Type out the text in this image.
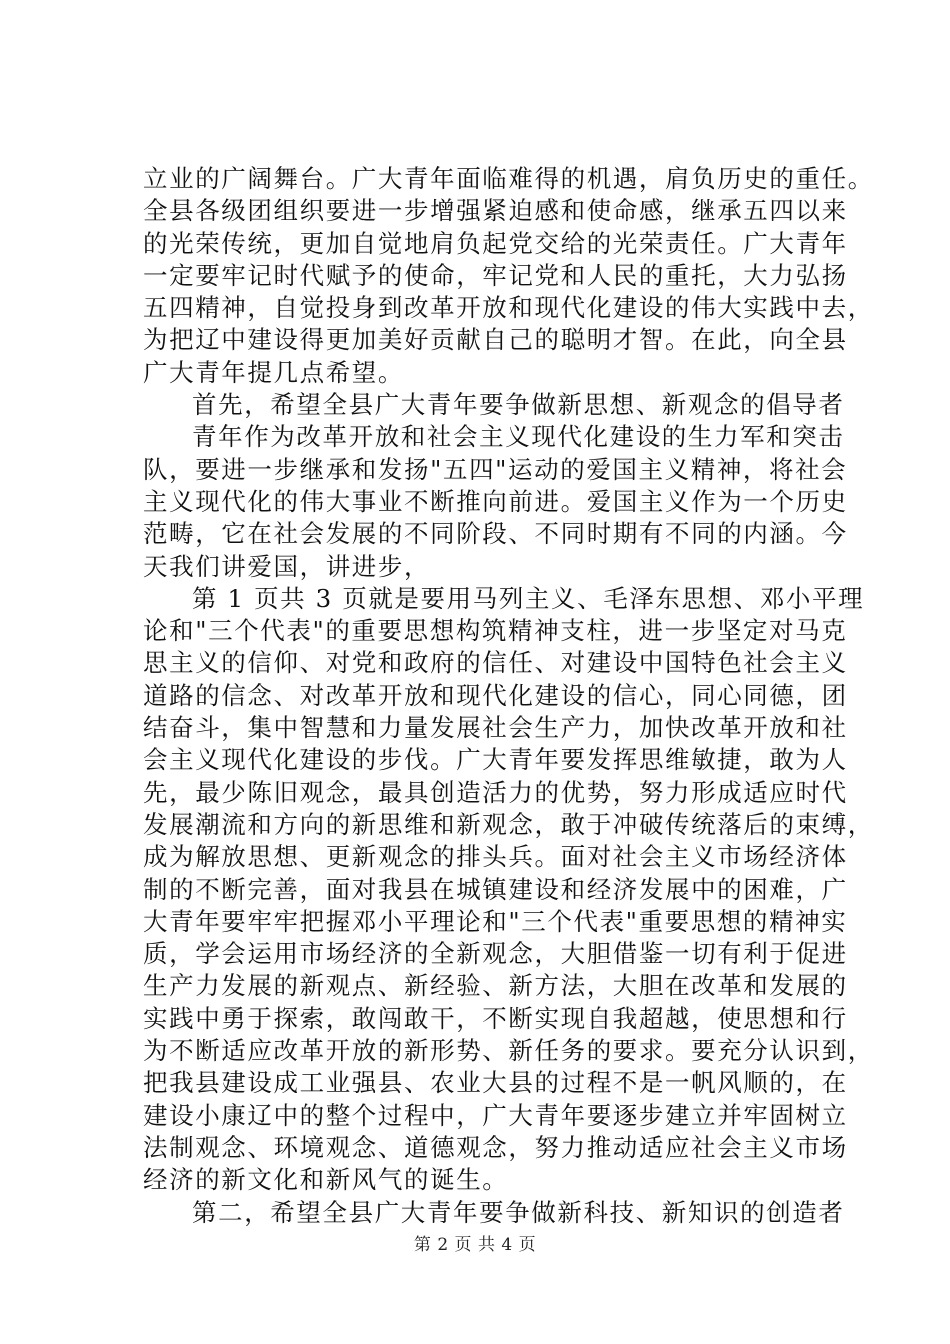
立业的广阔舞台。广大青年面临难得的机遇，肩负历史的重任。
全县各级团组织要进一步增强紧迫感和使命感，继承五四以来
的光荣传统，更加自觉地肩负起党交给的光荣责任。广大青年
一定要牢记时代赋予的使命，牢记党和人民的重托，大力弘扬
五四精神，自觉投身到改革开放和现代化建设的伟大实践中去，
为把辽中建设得更加美好贡献自己的聪明才智。在此，向全县
广大青年提几点希望。
首先，希望全县广大青年要争做新思想、新观念的倡导者
青年作为改革开放和社会主义现代化建设的生力军和突击
队，要进一步继承和发扬"五四"运动的爱国主义精神，将社会
主义现代化的伟大事业不断推向前进。爱国主义作为一个历史
范畴，它在社会发展的不同阶段、不同时期有不同的内涵。今
天我们讲爱国，讲进步，
第 1 页共 3 页就是要用马列主义、毛泽东思想、邓小平理
论和"三个代表"的重要思想构筑精神支柱，进一步坚定对马克
思主义的信仰、对党和政府的信任、对建设中国特色社会主义
道路的信念、对改革开放和现代化建设的信心，同心同德，团
结奋斗，集中智慧和力量发展社会生产力，加快改革开放和社
会主义现代化建设的步伐。广大青年要发挥思维敏捷，敢为人
先，最少陈旧观念，最具创造活力的优势，努力形成适应时代
发展潮流和方向的新思维和新观念，敢于冲破传统落后的束缚，
成为解放思想、更新观念的排头兵。面对社会主义市场经济体
制的不断完善，面对我县在城镇建设和经济发展中的困难，广
大青年要牢牢把握邓小平理论和"三个代表"重要思想的精神实
质，学会运用市场经济的全新观念，大胆借鉴一切有利于促进
生产力发展的新观点、新经验、新方法，大胆在改革和发展的
实践中勇于探索，敢闯敢干，不断实现自我超越，使思想和行
为不断适应改革开放的新形势、新任务的要求。要充分认识到，
把我县建设成工业强县、农业大县的过程不是一帆风顺的，在
建设小康辽中的整个过程中，广大青年要逐步建立并牢固树立
法制观念、环境观念、道德观念，努力推动适应社会主义市场
经济的新文化和新风气的诞生。
第二，希望全县广大青年要争做新科技、新知识的创造者
第 2 页 共 4 页
